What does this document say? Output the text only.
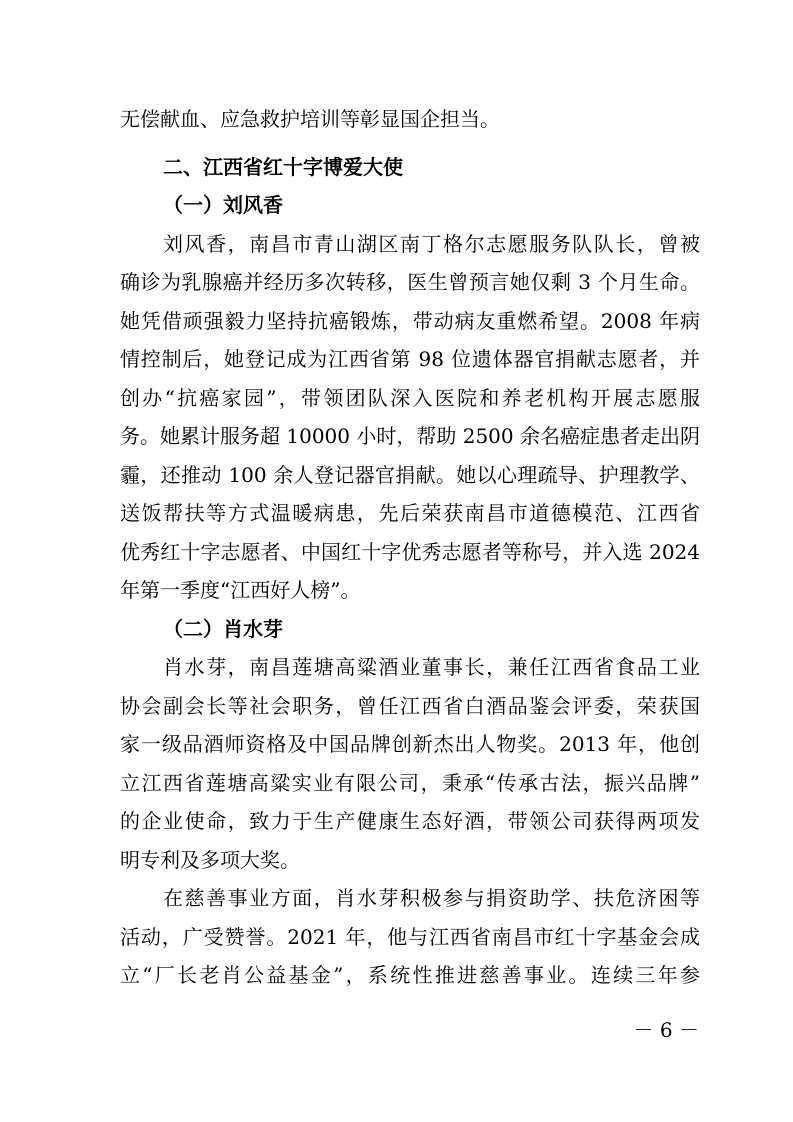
无偿献血、应急救护培训等彰显国企担当。
二、江西省红十字博爱大使
（一）刘风香
刘风香，南昌市青山湖区南丁格尔志愿服务队队长，曾被
确诊为乳腺癌并经历多次转移，医生曾预言她仅剩 3 个月生命。
她凭借顽强毅力坚持抗癌锻炼，带动病友重燃希望。2008 年病
情控制后，她登记成为江西省第 98 位遗体器官捐献志愿者，并
创办“抗癌家园”，带领团队深入医院和养老机构开展志愿服
务。她累计服务超 10000 小时，帮助 2500 余名癌症患者走出阴
霾，还推动 100 余人登记器官捐献。她以心理疏导、护理教学、
送饭帮扶等方式温暖病患，先后荣获南昌市道德模范、江西省
优秀红十字志愿者、中国红十字优秀志愿者等称号，并入选 2024
年第一季度“江西好人榜”。
（二）肖水芽
肖水芽，南昌莲塘高粱酒业董事长，兼任江西省食品工业
协会副会长等社会职务，曾任江西省白酒品鉴会评委，荣获国
家一级品酒师资格及中国品牌创新杰出人物奖。2013 年，他创
立江西省莲塘高粱实业有限公司，秉承“传承古法，振兴品牌”
的企业使命，致力于生产健康生态好酒，带领公司获得两项发
明专利及多项大奖。
在慈善事业方面，肖水芽积极参与捐资助学、扶危济困等
活动，广受赞誉。2021 年，他与江西省南昌市红十字基金会成
立“厂长老肖公益基金”，系统性推进慈善事业。连续三年参
－ 6 －
